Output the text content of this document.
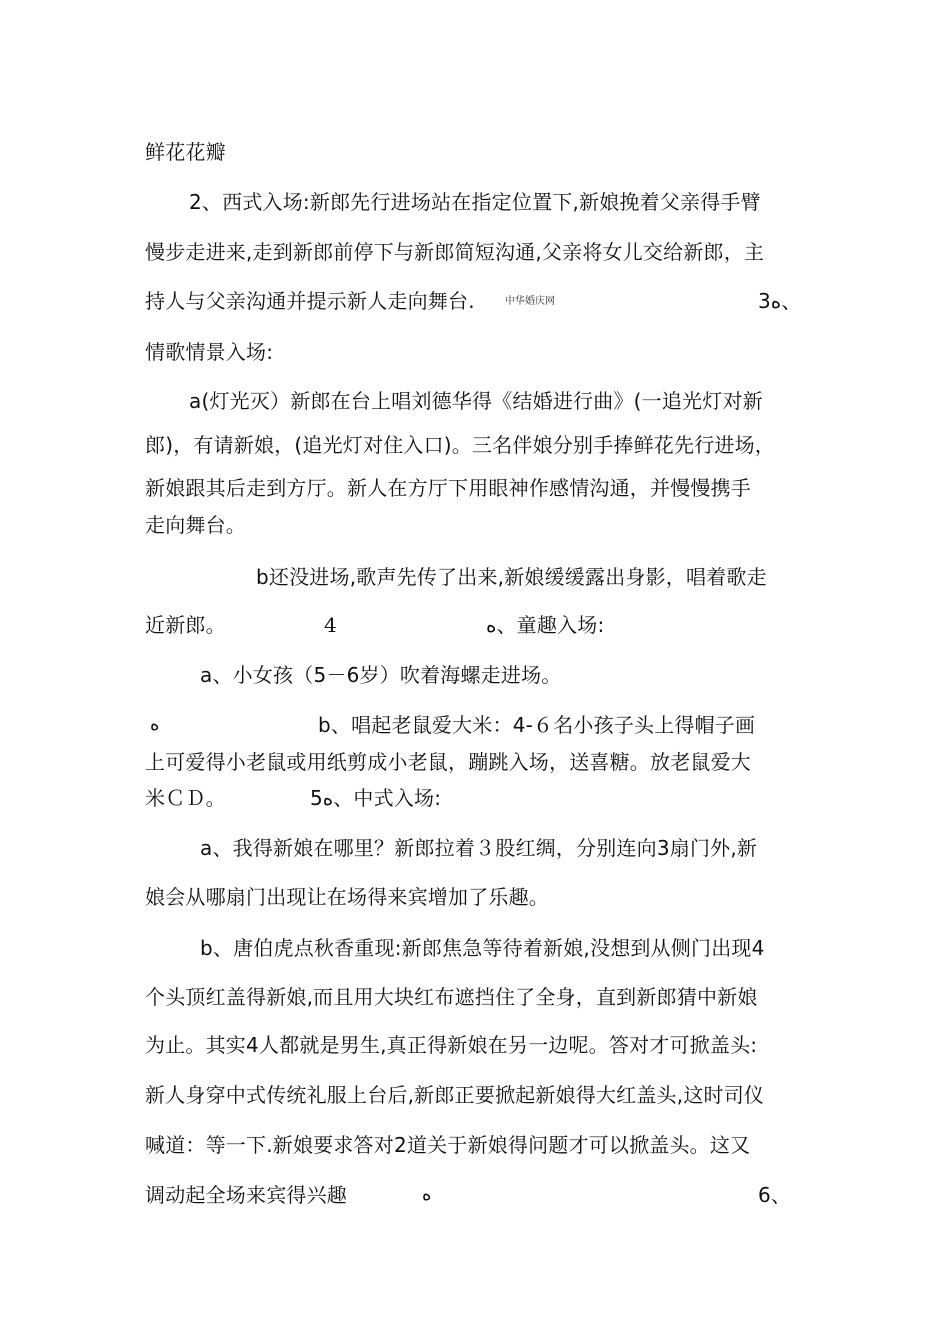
鲜花花瓣
2、西式入场:新郎先行进场站在指定位置下,新娘挽着父亲得手臂
慢步走进来,走到新郎前停下与新郎简短沟通,父亲将女儿交给新郎，主
持人与父亲沟通并提示新人走向舞台.	中华婚庆网	ﻩ3、
情歌情景入场:
a(灯光灭）新郎在台上唱刘德华得《结婚进行曲》(一追光灯对新
郎)，有请新娘，(追光灯对住入口)。三名伴娘分别手捧鲜花先行进场，
新娘跟其后走到方厅。新人在方厅下用眼神作感情沟通，并慢慢携手
走向舞台。
b还没进场,歌声先传了出来,新娘缓缓露出身影，唱着歌走
近新郎。	4	ﻩ、童趣入场:
a、小女孩（5－6岁）吹着海螺走进场。
ﻩ	b、唱起老鼠爱大米：4-６名小孩子头上得帽子画
上可爱得小老鼠或用纸剪成小老鼠，蹦跳入场，送喜糖。放老鼠爱大
米ＣＤ。	ﻩ5、中式入场:
a、我得新娘在哪里？新郎拉着３股红绸，分别连向3扇门外,新
娘会从哪扇门出现让在场得来宾增加了乐趣。
b、唐伯虎点秋香重现:新郎焦急等待着新娘,没想到从侧门出现4
个头顶红盖得新娘,而且用大块红布遮挡住了全身，直到新郎猜中新娘
为止。其实4人都就是男生,真正得新娘在另一边呢。答对才可掀盖头:
新人身穿中式传统礼服上台后,新郎正要掀起新娘得大红盖头,这时司仪
喊道：等一下.新娘要求答对2道关于新娘得问题才可以掀盖头。这又
调动起全场来宾得兴趣	ﻩ	6、
